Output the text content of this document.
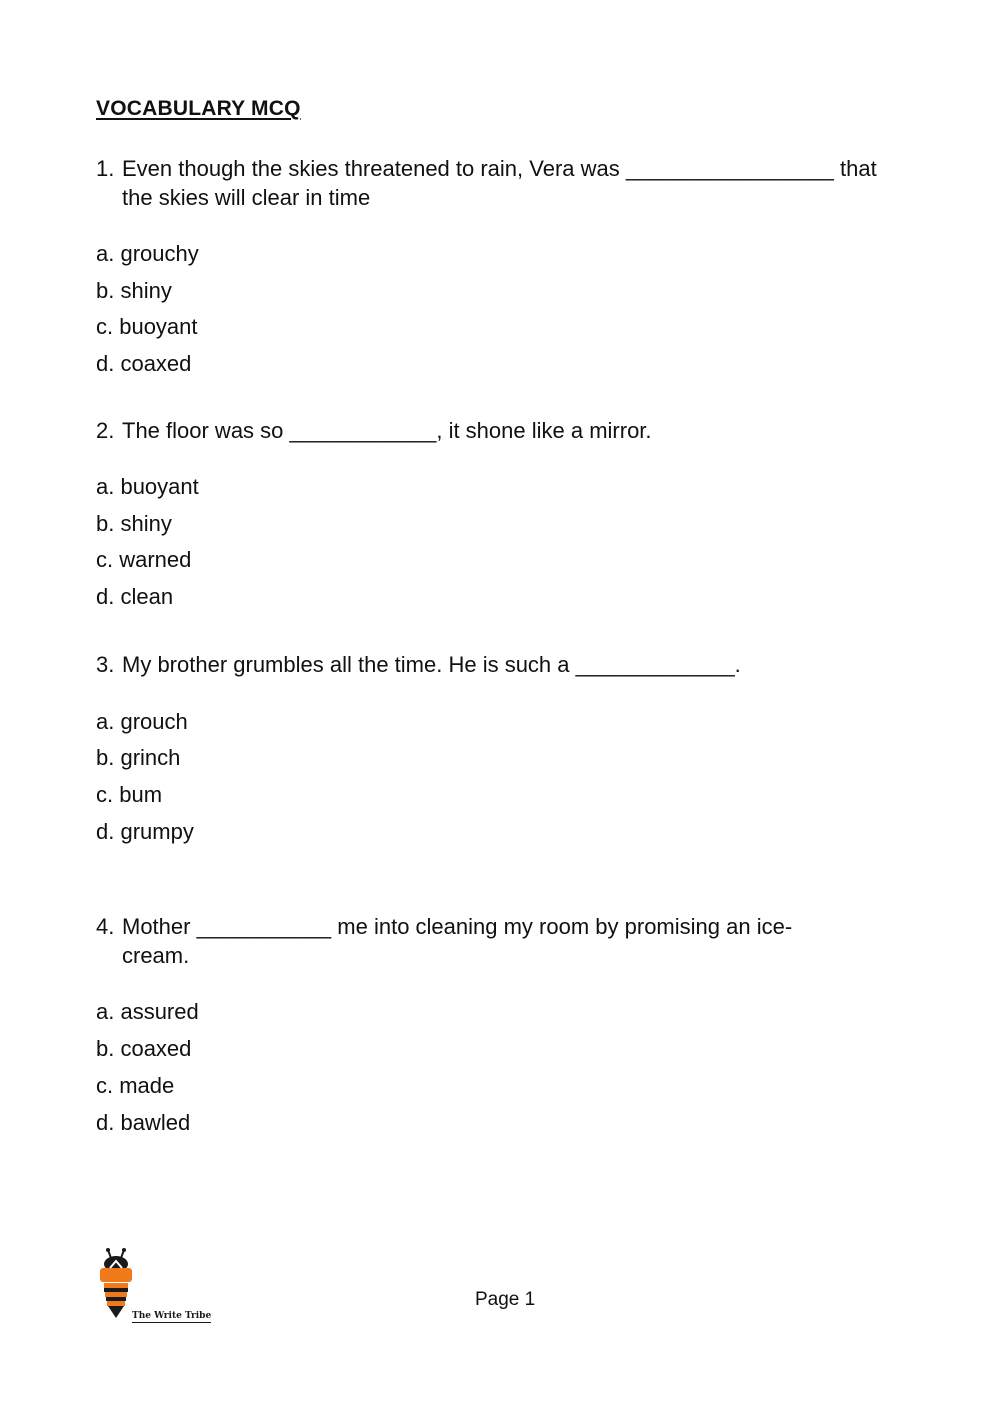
VOCABULARY MCQ
1. Even though the skies threatened to rain, Vera was _________________ that the skies will clear in time
a. grouchy
b. shiny
c. buoyant
d. coaxed
2. The floor was so ____________, it shone like a mirror.
a. buoyant
b. shiny
c. warned
d. clean
3. My brother grumbles all the time. He is such a _____________.
a. grouch
b. grinch
c. bum
d. grumpy
4. Mother ___________ me into cleaning my room by promising an ice-cream.
a. assured
b. coaxed
c. made
d. bawled
The Write Tribe
Page 1
